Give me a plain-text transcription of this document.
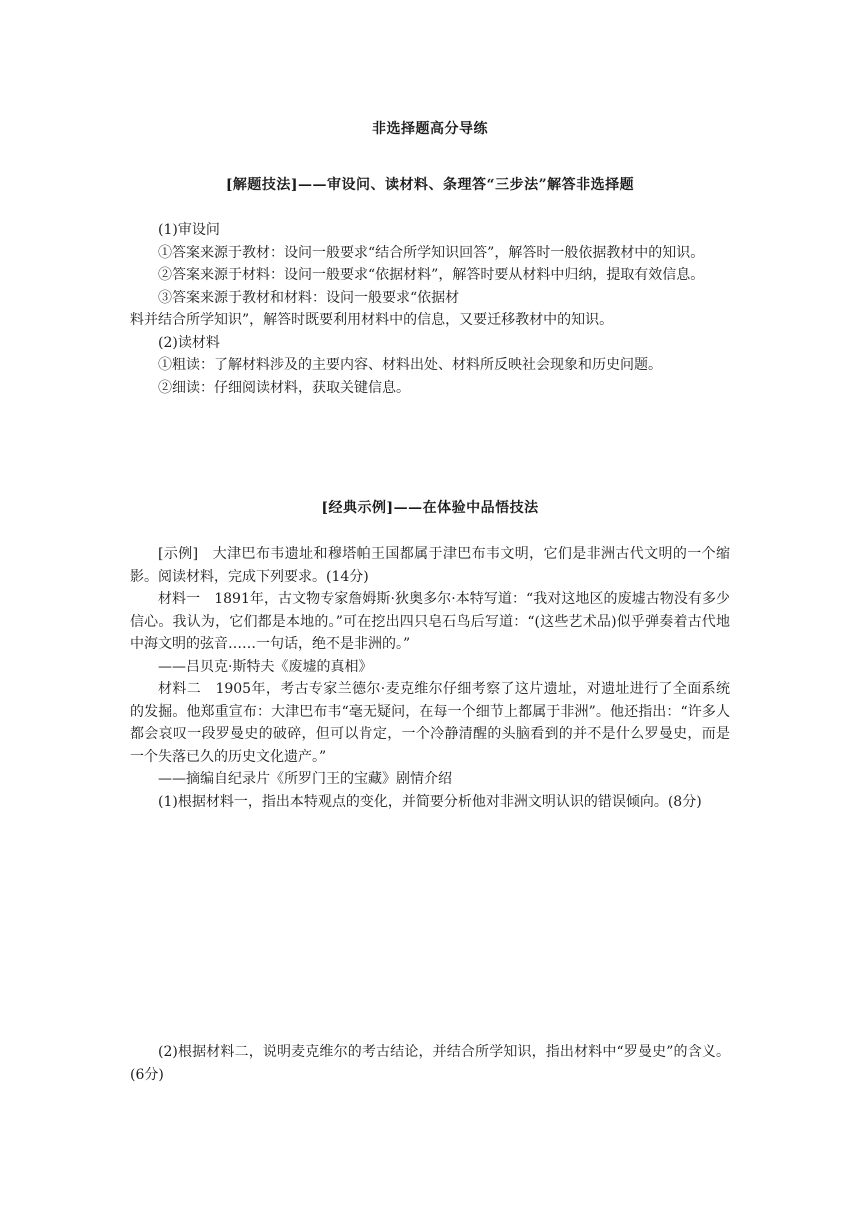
非选择题高分导练
[解题技法]——审设问、读材料、条理答“三步法”解答非选择题

(1)审设问

①答案来源于教材：设问一般要求“结合所学知识回答”，解答时一般依据教材中的知识。

②答案来源于材料：设问一般要求“依据材料”，解答时要从材料中归纳，提取有效信息。

③答案来源于教材和材料：设问一般要求“依据材

料并结合所学知识”，解答时既要利用材料中的信息，又要迁移教材中的知识。

(2)读材料

①粗读：了解材料涉及的主要内容、材料出处、材料所反映社会现象和历史问题。

②细读：仔细阅读材料，获取关键信息。

[经典示例]——在体验中品悟技法

[示例]　大津巴布韦遗址和穆塔帕王国都属于津巴布韦文明，它们是非洲古代文明的一个缩影。阅读材料，完成下列要求。(14分)

材料一　1891年，古文物专家詹姆斯·狄奥多尔·本特写道：“我对这地区的废墟古物没有多少信心。我认为，它们都是本地的。”可在挖出四只皂石鸟后写道：“(这些艺术品)似乎弹奏着古代地中海文明的弦音……一句话，绝不是非洲的。”

——吕贝克·斯特夫《废墟的真相》

材料二　1905年，考古专家兰德尔·麦克维尔仔细考察了这片遗址，对遗址进行了全面系统的发掘。他郑重宣布：大津巴布韦“毫无疑问，在每一个细节上都属于非洲”。他还指出：“许多人都会哀叹一段罗曼史的破碎，但可以肯定，一个冷静清醒的头脑看到的并不是什么罗曼史，而是一个失落已久的历史文化遗产。”

——摘编自纪录片《所罗门王的宝藏》剧情介绍

(1)根据材料一，指出本特观点的变化，并简要分析他对非洲文明认识的错误倾向。(8分)

(2)根据材料二，说明麦克维尔的考古结论，并结合所学知识，指出材料中“罗曼史”的含义。(6分)
